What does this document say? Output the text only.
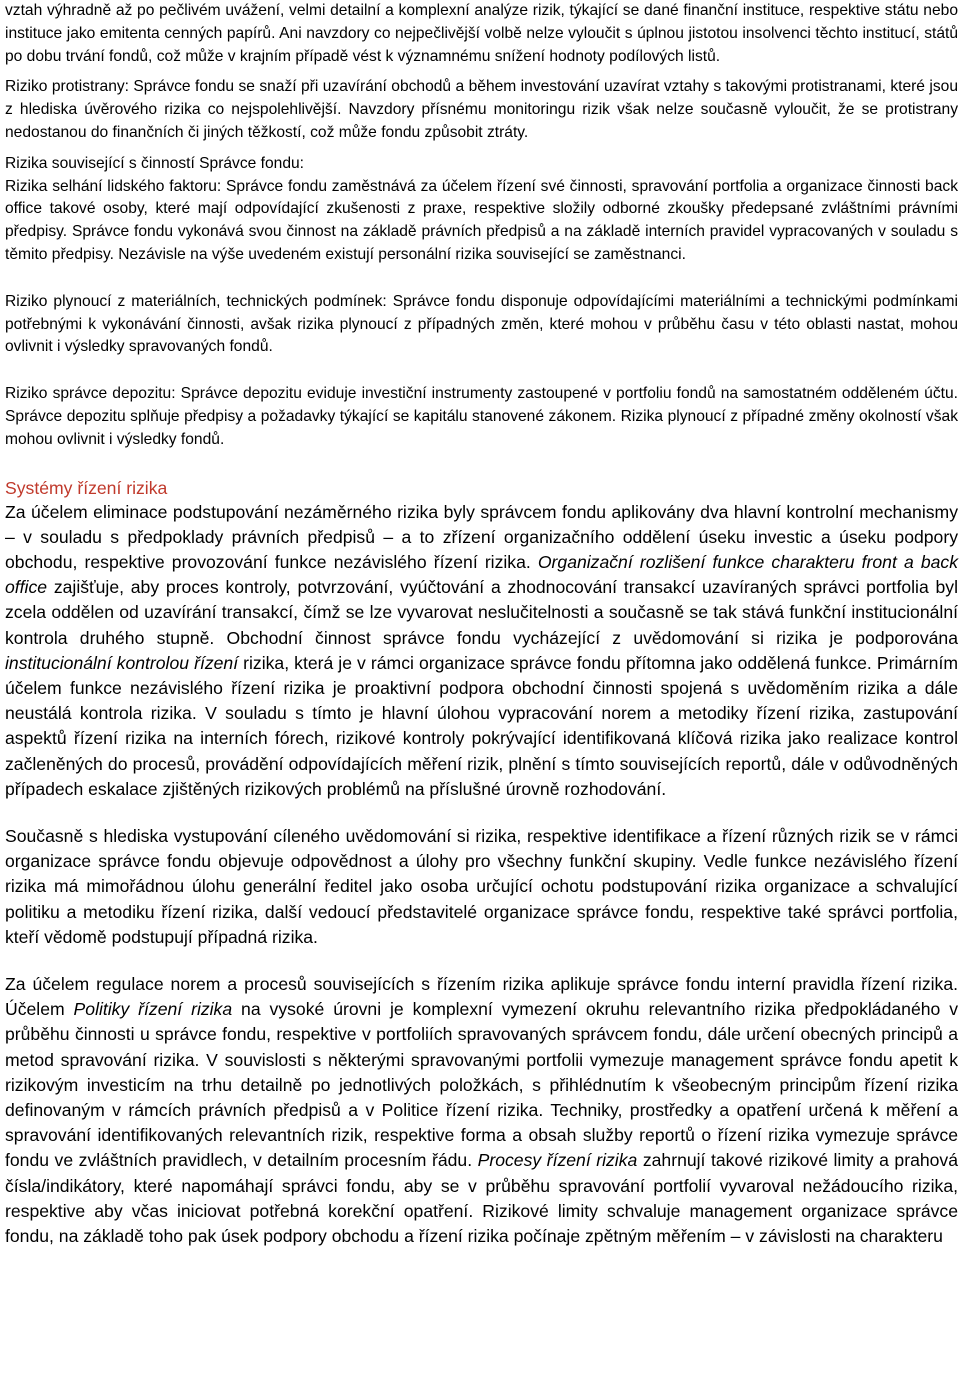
vztah výhradně až po pečlivém uvážení, velmi detailní a komplexní analýze rizik, týkající se dané finanční instituce, respektive státu nebo instituce jako emitenta cenných papírů. Ani navzdory co nejpečlivější volbě nelze vyloučit s úplnou jistotou insolvenci těchto institucí, států po dobu trvání fondů, což může v krajním případě vést k významnému snížení hodnoty podílových listů.

Riziko protistrany: Správce fondu se snaží při uzavírání obchodů a během investování uzavírat vztahy s takovými protistranami, které jsou z hlediska úvěrového rizika co nejspolehlivější. Navzdory přísnému monitoringu rizik však nelze současně vyloučit, že se protistrany nedostanou do finančních či jiných těžkostí, což může fondu způsobit ztráty.

Rizika související s činností Správce fondu:

Rizika selhání lidského faktoru: Správce fondu zaměstnává za účelem řízení své činnosti, spravování portfolia a organizace činnosti back office takové osoby, které mají odpovídající zkušenosti z praxe, respektive složily odborné zkoušky předepsané zvláštními právními předpisy. Správce fondu vykonává svou činnost na základě právních předpisů a na základě interních pravidel vypracovaných v souladu s těmito předpisy. Nezávisle na výše uvedeném existují personální rizika související se zaměstnanci.

Riziko plynoucí z materiálních, technických podmínek: Správce fondu disponuje odpovídajícími materiálními a technickými podmínkami potřebnými k vykonávání činnosti, avšak rizika plynoucí z případných změn, které mohou v průběhu času v této oblasti nastat, mohou ovlivnit i výsledky spravovaných fondů.

Riziko správce depozitu: Správce depozitu eviduje investiční instrumenty zastoupené v portfoliu fondů na samostatném odděleném účtu. Správce depozitu splňuje předpisy a požadavky týkající se kapitálu stanovené zákonem. Rizika plynoucí z případné změny okolností však mohou ovlivnit i výsledky fondů.

Systémy řízení rizika

Za účelem eliminace podstupování nezáměrného rizika byly správcem fondu aplikovány dva hlavní kontrolní mechanismy – v souladu s předpoklady právních předpisů – a to zřízení organizačního oddělení úseku investic a úseku podpory obchodu, respektive provozování funkce nezávislého řízení rizika. Organizační rozlišení funkce charakteru front a back office zajišťuje, aby proces kontroly, potvrzování, vyúčtování a zhodnocování transakcí uzavíraných správci portfolia byl zcela oddělen od uzavírání transakcí, čímž se lze vyvarovat neslučitelnosti a současně se tak stává funkční institucionální kontrola druhého stupně. Obchodní činnost správce fondu vycházející z uvědomování si rizika je podporována institucionální kontrolou řízení rizika, která je v rámci organizace správce fondu přítomna jako oddělená funkce. Primárním účelem funkce nezávislého řízení rizika je proaktivní podpora obchodní činnosti spojená s uvědoměním rizika a dále neustálá kontrola rizika. V souladu s tímto je hlavní úlohou vypracování norem a metodiky řízení rizika, zastupování aspektů řízení rizika na interních fórech, rizikové kontroly pokrývající identifikovaná klíčová rizika jako realizace kontrol začleněných do procesů, provádění odpovídajících měření rizik, plnění s tímto souvisejících reportů, dále v odůvodněných případech eskalace zjištěných rizikových problémů na příslušné úrovně rozhodování.

Současně s hlediska vystupování cíleného uvědomování si rizika, respektive identifikace a řízení různých rizik se v rámci organizace správce fondu objevuje odpovědnost a úlohy pro všechny funkční skupiny. Vedle funkce nezávislého řízení rizika má mimořádnou úlohu generální ředitel jako osoba určující ochotu podstupování rizika organizace a schvalující politiku a metodiku řízení rizika, další vedoucí představitelé organizace správce fondu, respektive také správci portfolia, kteří vědomě podstupují případná rizika.

Za účelem regulace norem a procesů souvisejících s řízením rizika aplikuje správce fondu interní pravidla řízení rizika. Účelem Politiky řízení rizika na vysoké úrovni je komplexní vymezení okruhu relevantního rizika předpokládaného v průběhu činnosti u správce fondu, respektive v portfoliích spravovaných správcem fondu, dále určení obecných principů a metod spravování rizika. V souvislosti s některými spravovanými portfolii vymezuje management správce fondu apetit k rizikovým investicím na trhu detailně po jednotlivých položkách, s přihlédnutím k všeobecným principům řízení rizika definovaným v rámcích právních předpisů a v Politice řízení rizika. Techniky, prostředky a opatření určená k měření a spravování identifikovaných relevantních rizik, respektive forma a obsah služby reportů o řízení rizika vymezuje správce fondu ve zvláštních pravidlech, v detailním procesním řádu. Procesy řízení rizika zahrnují takové rizikové limity a prahová čísla/indikátory, které napomáhají správci fondu, aby se v průběhu spravování portfolií vyvaroval nežádoucího rizika, respektive aby včas iniciovat potřebná korekční opatření. Rizikové limity schvaluje management organizace správce fondu, na základě toho pak úsek podpory obchodu a řízení rizika počínaje zpětným měřením – v závislosti na charakteru
